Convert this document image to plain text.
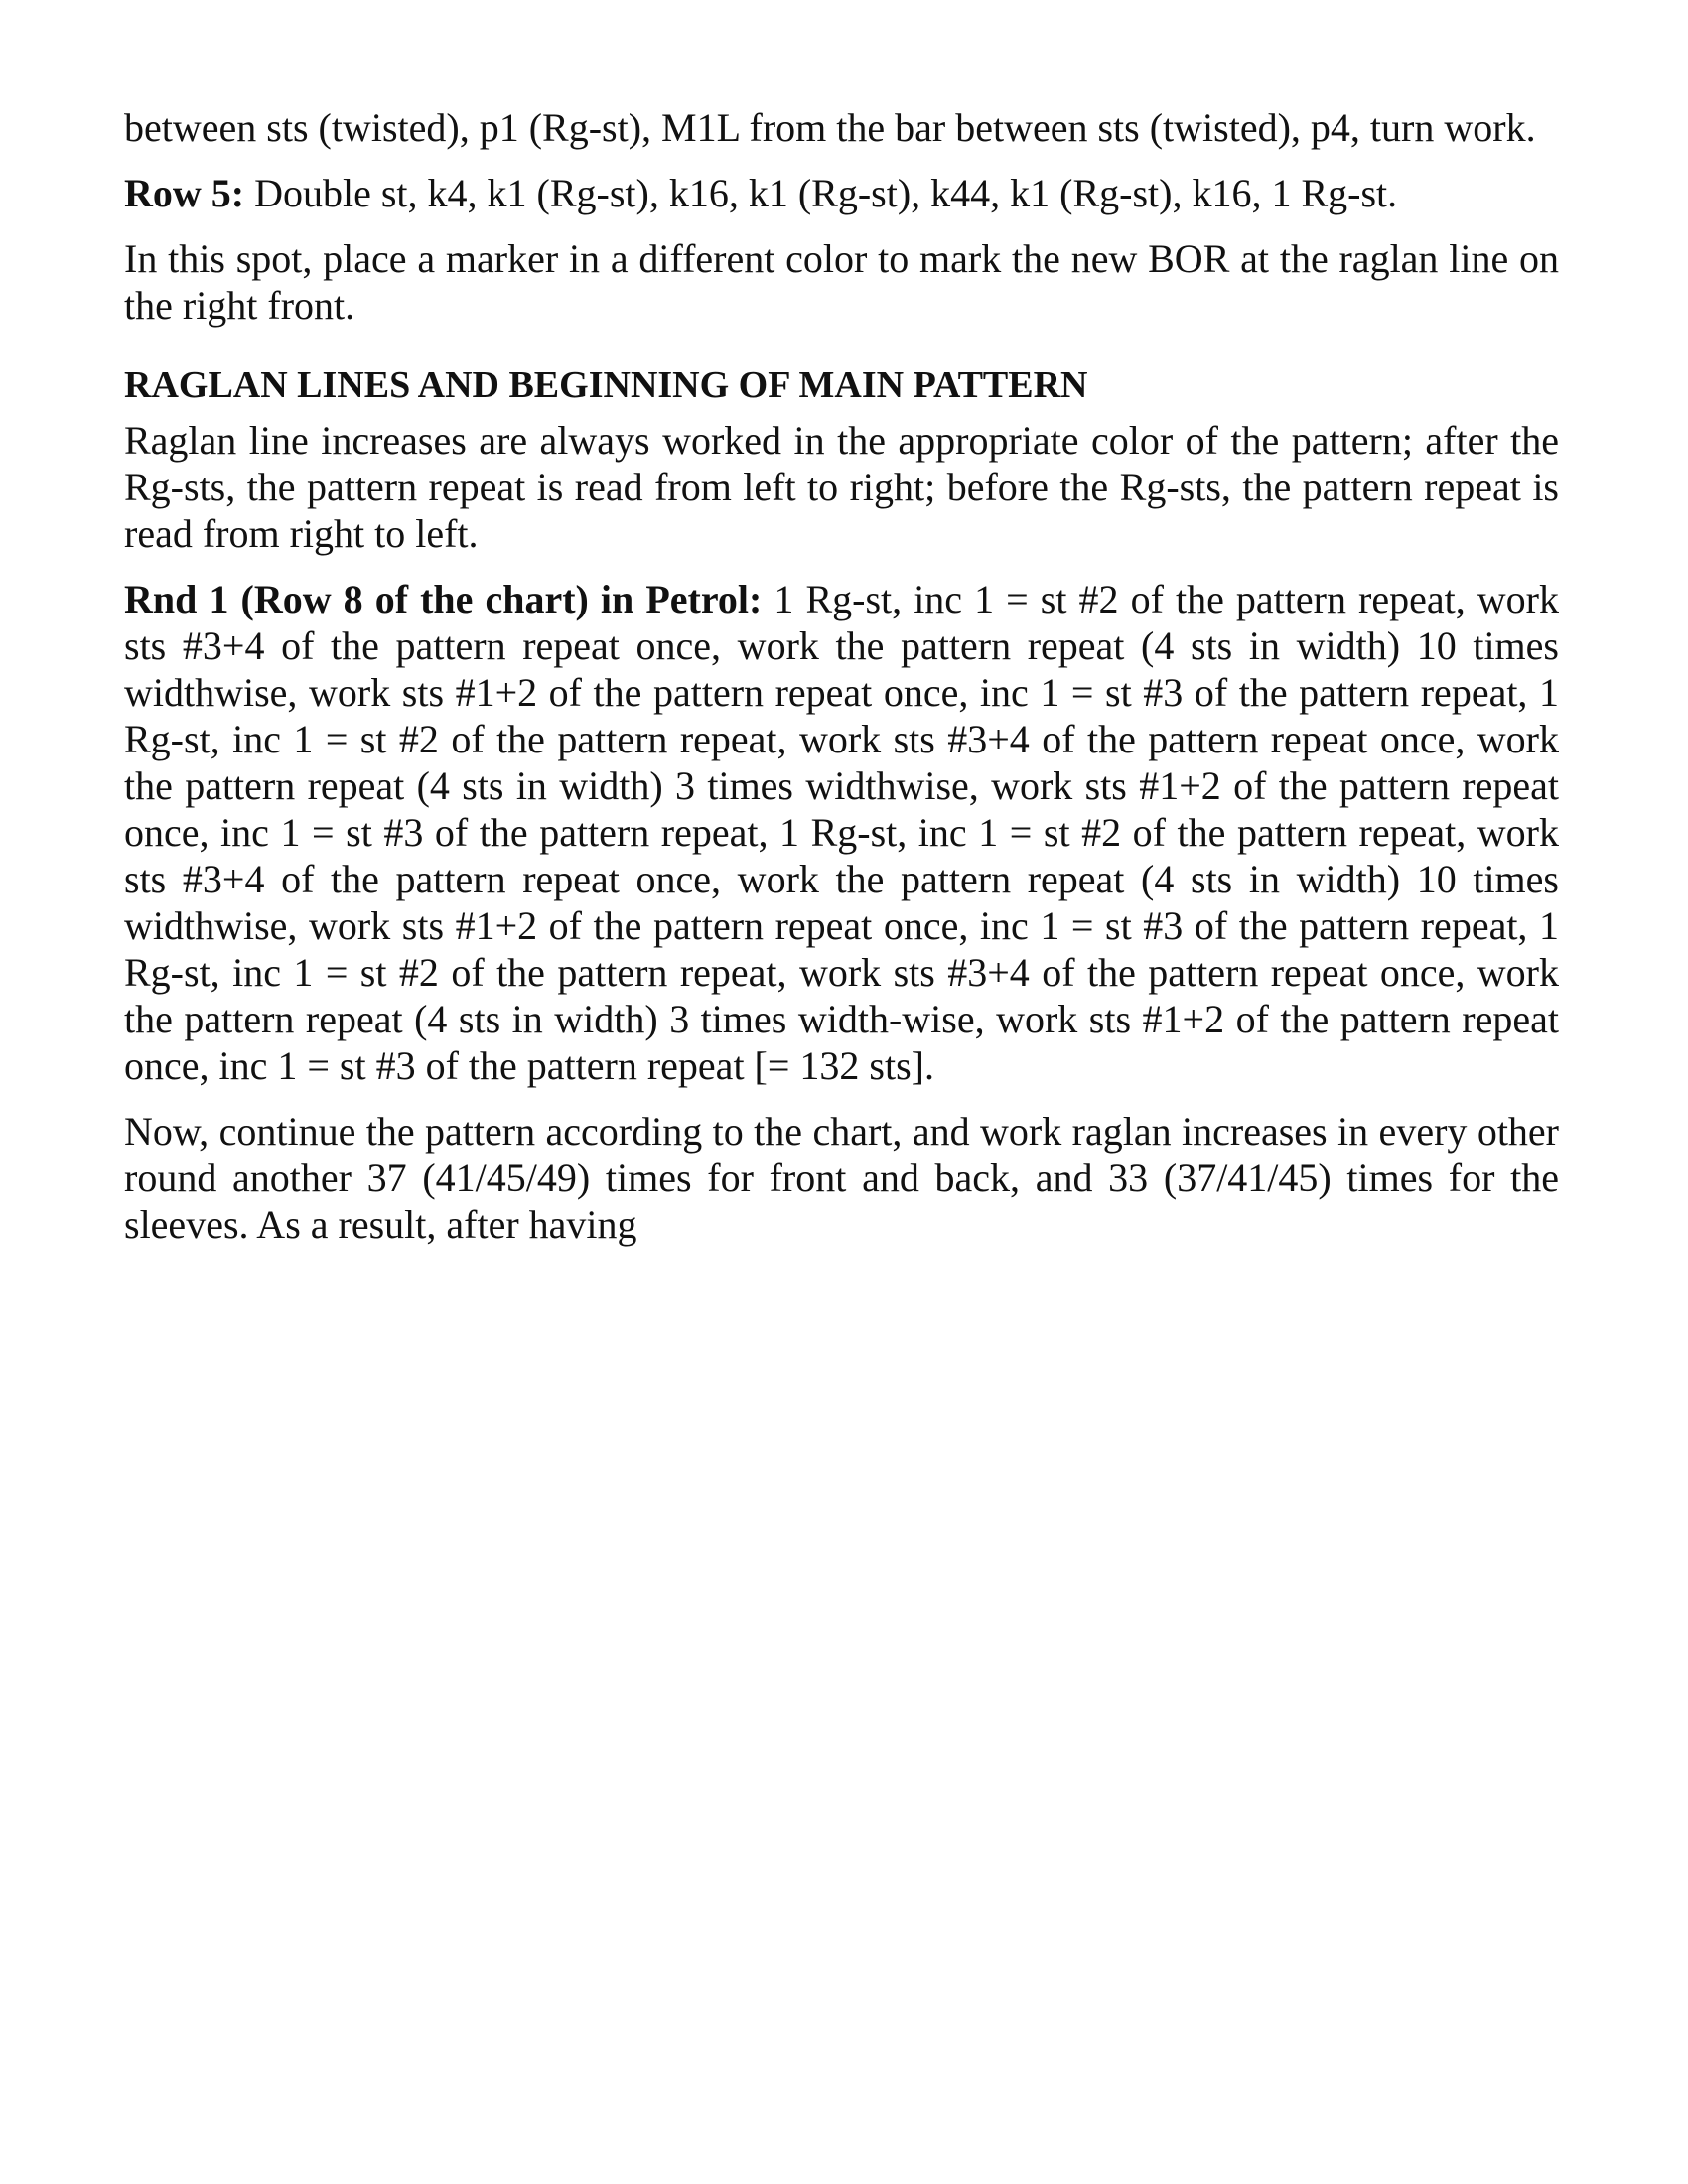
between sts (twisted), p1 (Rg-st), M1L from the bar between sts (twisted), p4, turn work.

Row 5: Double st, k4, k1 (Rg-st), k16, k1 (Rg-st), k44, k1 (Rg-st), k16, 1 Rg-st.

In this spot, place a marker in a different color to mark the new BOR at the raglan line on the right front.

RAGLAN LINES AND BEGINNING OF MAIN PATTERN

Raglan line increases are always worked in the appropriate color of the pattern; after the Rg-sts, the pattern repeat is read from left to right; before the Rg-sts, the pattern repeat is read from right to left.

Rnd 1 (Row 8 of the chart) in Petrol: 1 Rg-st, inc 1 = st #2 of the pattern repeat, work sts #3+4 of the pattern repeat once, work the pattern repeat (4 sts in width) 10 times widthwise, work sts #1+2 of the pattern repeat once, inc 1 = st #3 of the pattern repeat, 1 Rg-st, inc 1 = st #2 of the pattern repeat, work sts #3+4 of the pattern repeat once, work the pattern repeat (4 sts in width) 3 times widthwise, work sts #1+2 of the pattern repeat once, inc 1 = st #3 of the pattern repeat, 1 Rg-st, inc 1 = st #2 of the pattern repeat, work sts #3+4 of the pattern repeat once, work the pattern repeat (4 sts in width) 10 times widthwise, work sts #1+2 of the pattern repeat once, inc 1 = st #3 of the pattern repeat, 1 Rg-st, inc 1 = st #2 of the pattern repeat, work sts #3+4 of the pattern repeat once, work the pattern repeat (4 sts in width) 3 times width-wise, work sts #1+2 of the pattern repeat once, inc 1 = st #3 of the pattern repeat [= 132 sts].

Now, continue the pattern according to the chart, and work raglan increases in every other round another 37 (41/45/49) times for front and back, and 33 (37/41/45) times for the sleeves. As a result, after having
